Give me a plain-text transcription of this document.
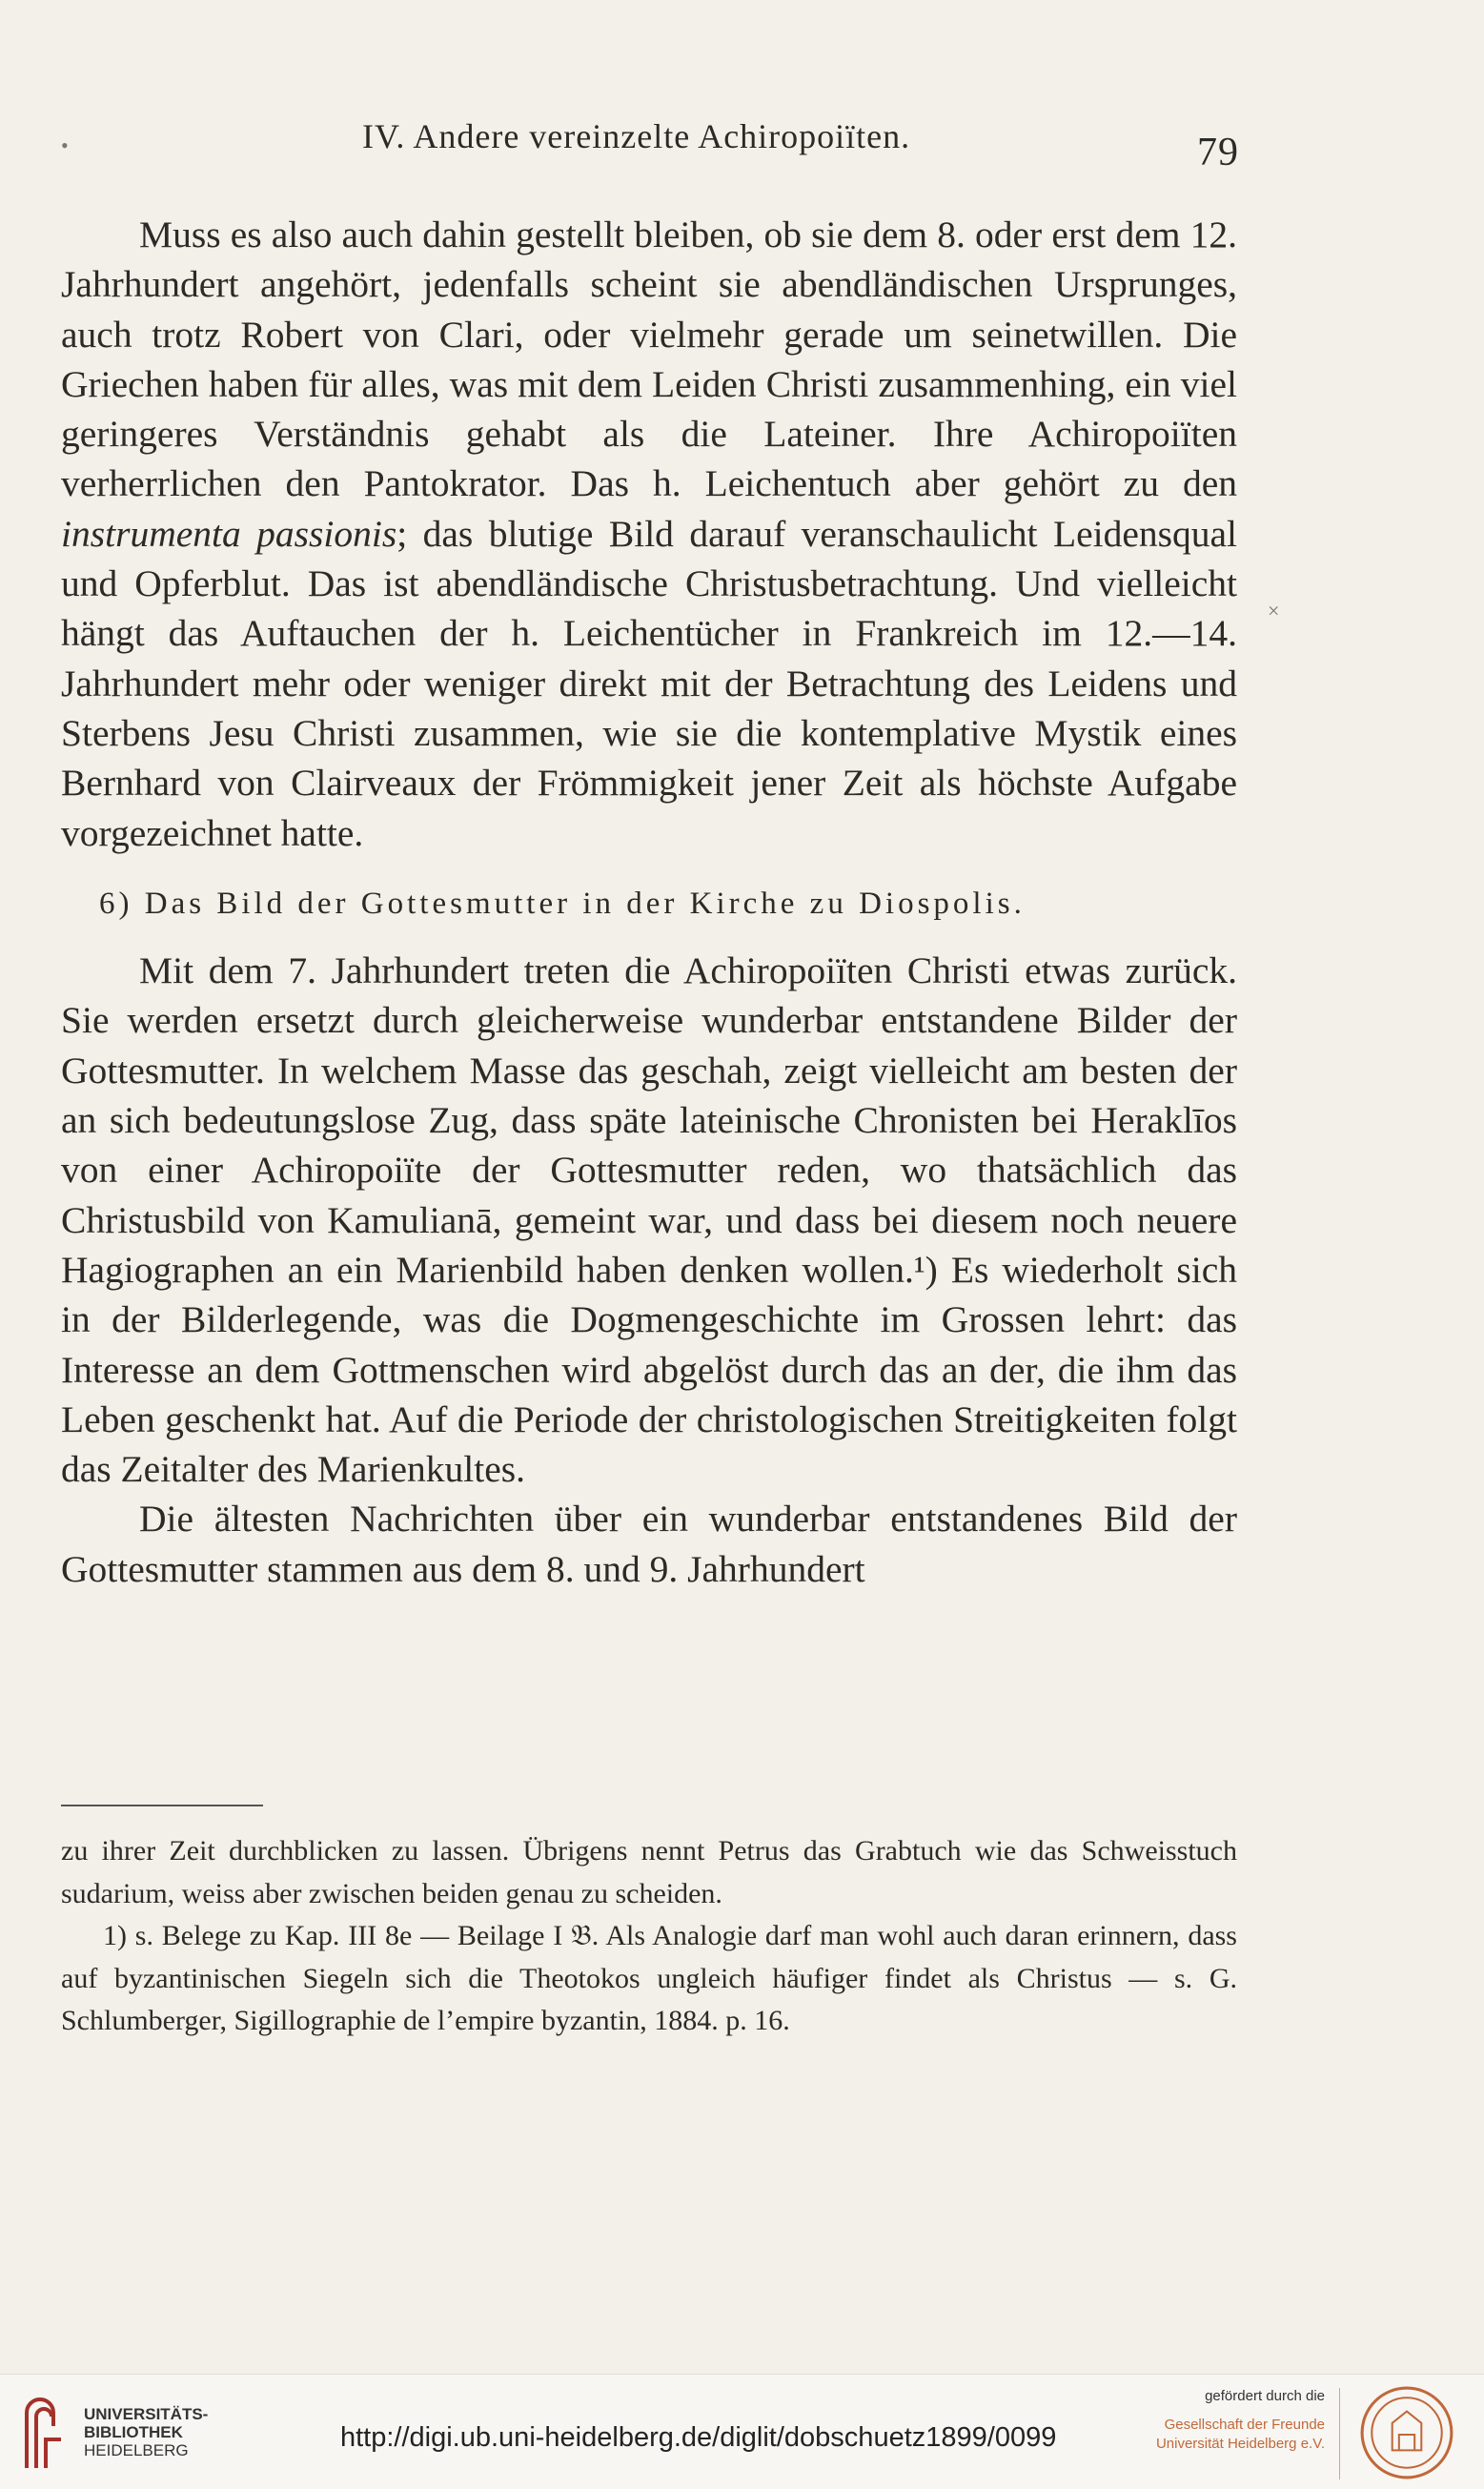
IV. Andere vereinzelte Achiropoiïten.	79
•
×

Muss es also auch dahin gestellt bleiben, ob sie dem 8. oder erst dem 12. Jahrhundert angehört, jedenfalls scheint sie abendländischen Ursprunges, auch trotz Robert von Clari, oder vielmehr gerade um seinetwillen. Die Griechen haben für alles, was mit dem Leiden Christi zusammenhing, ein viel geringeres Verständnis gehabt als die Lateiner. Ihre Achiropoiïten verherrlichen den Pantokrator. Das h. Leichentuch aber gehört zu den instrumenta passionis; das blutige Bild darauf veranschaulicht Leidensqual und Opferblut. Das ist abendländische Christusbetrachtung. Und vielleicht hängt das Auftauchen der h. Leichentücher in Frankreich im 12.—14. Jahrhundert mehr oder weniger direkt mit der Betrachtung des Leidens und Sterbens Jesu Christi zusammen, wie sie die kontemplative Mystik eines Bernhard von Clairveaux der Frömmigkeit jener Zeit als höchste Aufgabe vorgezeichnet hatte.

6) Das Bild der Gottesmutter in der Kirche zu Diospolis.

Mit dem 7. Jahrhundert treten die Achiropoiïten Christi etwas zurück. Sie werden ersetzt durch gleicherweise wunderbar entstandene Bilder der Gottesmutter. In welchem Masse das geschah, zeigt vielleicht am besten der an sich bedeutungslose Zug, dass späte lateinische Chronisten bei Heraklīos von einer Achiropoiïte der Gottesmutter reden, wo thatsächlich das Christusbild von Kamulianā, gemeint war, und dass bei diesem noch neuere Hagiographen an ein Marienbild haben denken wollen.¹) Es wiederholt sich in der Bilderlegende, was die Dogmengeschichte im Grossen lehrt: das Interesse an dem Gottmenschen wird abgelöst durch das an der, die ihm das Leben geschenkt hat. Auf die Periode der christologischen Streitigkeiten folgt das Zeitalter des Marienkultes.

Die ältesten Nachrichten über ein wunderbar entstandenes Bild der Gottesmutter stammen aus dem 8. und 9. Jahrhundert

zu ihrer Zeit durchblicken zu lassen. Übrigens nennt Petrus das Grabtuch wie das Schweisstuch sudarium, weiss aber zwischen beiden genau zu scheiden.

1) s. Belege zu Kap. III 8e — Beilage I 𝔅. Als Analogie darf man wohl auch daran erinnern, dass auf byzantinischen Siegeln sich die Theotokos ungleich häufiger findet als Christus — s. G. Schlumberger, Sigillographie de l’empire byzantin, 1884. p. 16.

UNIVERSITÄTS-
BIBLIOTHEK
HEIDELBERG	http://digi.ub.uni-heidelberg.de/diglit/dobschuetz1899/0099
gefördert durch die
Gesellschaft der Freunde
Universität Heidelberg e.V.
